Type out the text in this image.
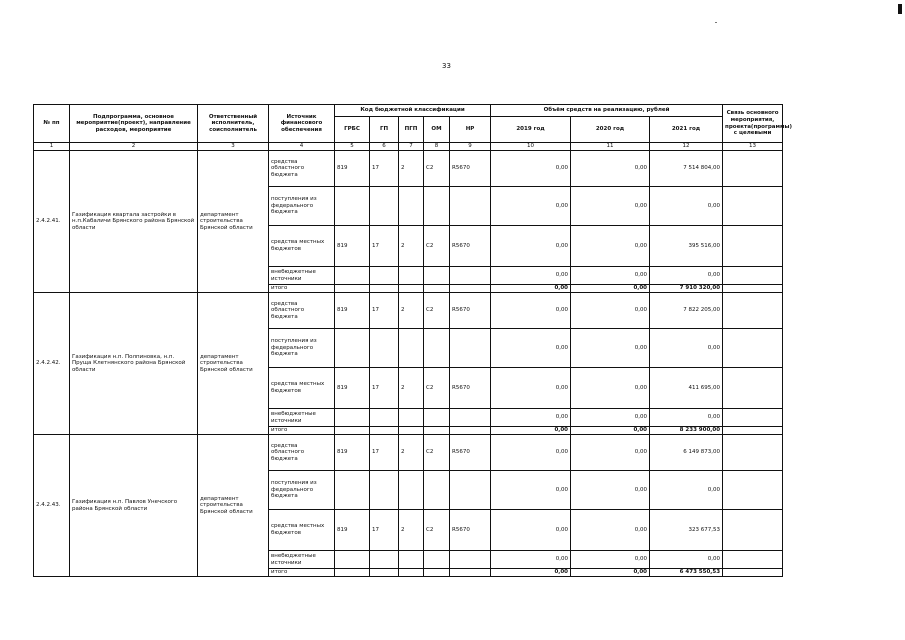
33
№ пп	Подпрограмма, основное мероприятие(проект), направление расходов, мероприятие	Ответственный исполнитель, соисполнитель	Источник финансового обеспечения	Код бюджетной классификации					Объём средств на реализацию, рублей			Связь основного мероприятия, проекта(программы) с целевыми
				ГРБС	ГП	ПГП	ОМ	НР	2019 год	2020 год	2021 год	
1	2	3	4	5	6	7	8	9	10	11	12	13
2.4.2.41.	Газификация квартала застройки в н.п.Кабаличи Брянского района Брянской области	департамент строительства Брянской области	средства областного бюджета	819	17	2	С2	R5670	0,00	0,00	7 514 804,00	
			поступления из федерального бюджета						0,00	0,00	0,00	
			средства местных бюджетов	819	17	2	С2	R5670	0,00	0,00	395 516,00	
			внебюджетные источники						0,00	0,00	0,00	
			итого						0,00	0,00	7 910 320,00	
2.4.2.42.	Газификация н.п. Полпиновка, н.п. Пруща Клетнянского района Брянской области	департамент строительства Брянской области	средства областного бюджета	819	17	2	С2	R5670	0,00	0,00	7 822 205,00	
			поступления из федерального бюджета						0,00	0,00	0,00	
			средства местных бюджетов	819	17	2	С2	R5670	0,00	0,00	411 695,00	
			внебюджетные источники						0,00	0,00	0,00	
			итого						0,00	0,00	8 233 900,00	
2.4.2.43.	Газификация н.п. Павлов Унечского района Брянской области	департамент строительства Брянской области	средства областного бюджета	819	17	2	С2	R5670	0,00	0,00	6 149 873,00	
			поступления из федерального бюджета						0,00	0,00	0,00	
			средства местных бюджетов	819	17	2	С2	R5670	0,00	0,00	323 677,53	
			внебюджетные источники						0,00	0,00	0,00	
			итого						0,00	0,00	6 473 550,53	
